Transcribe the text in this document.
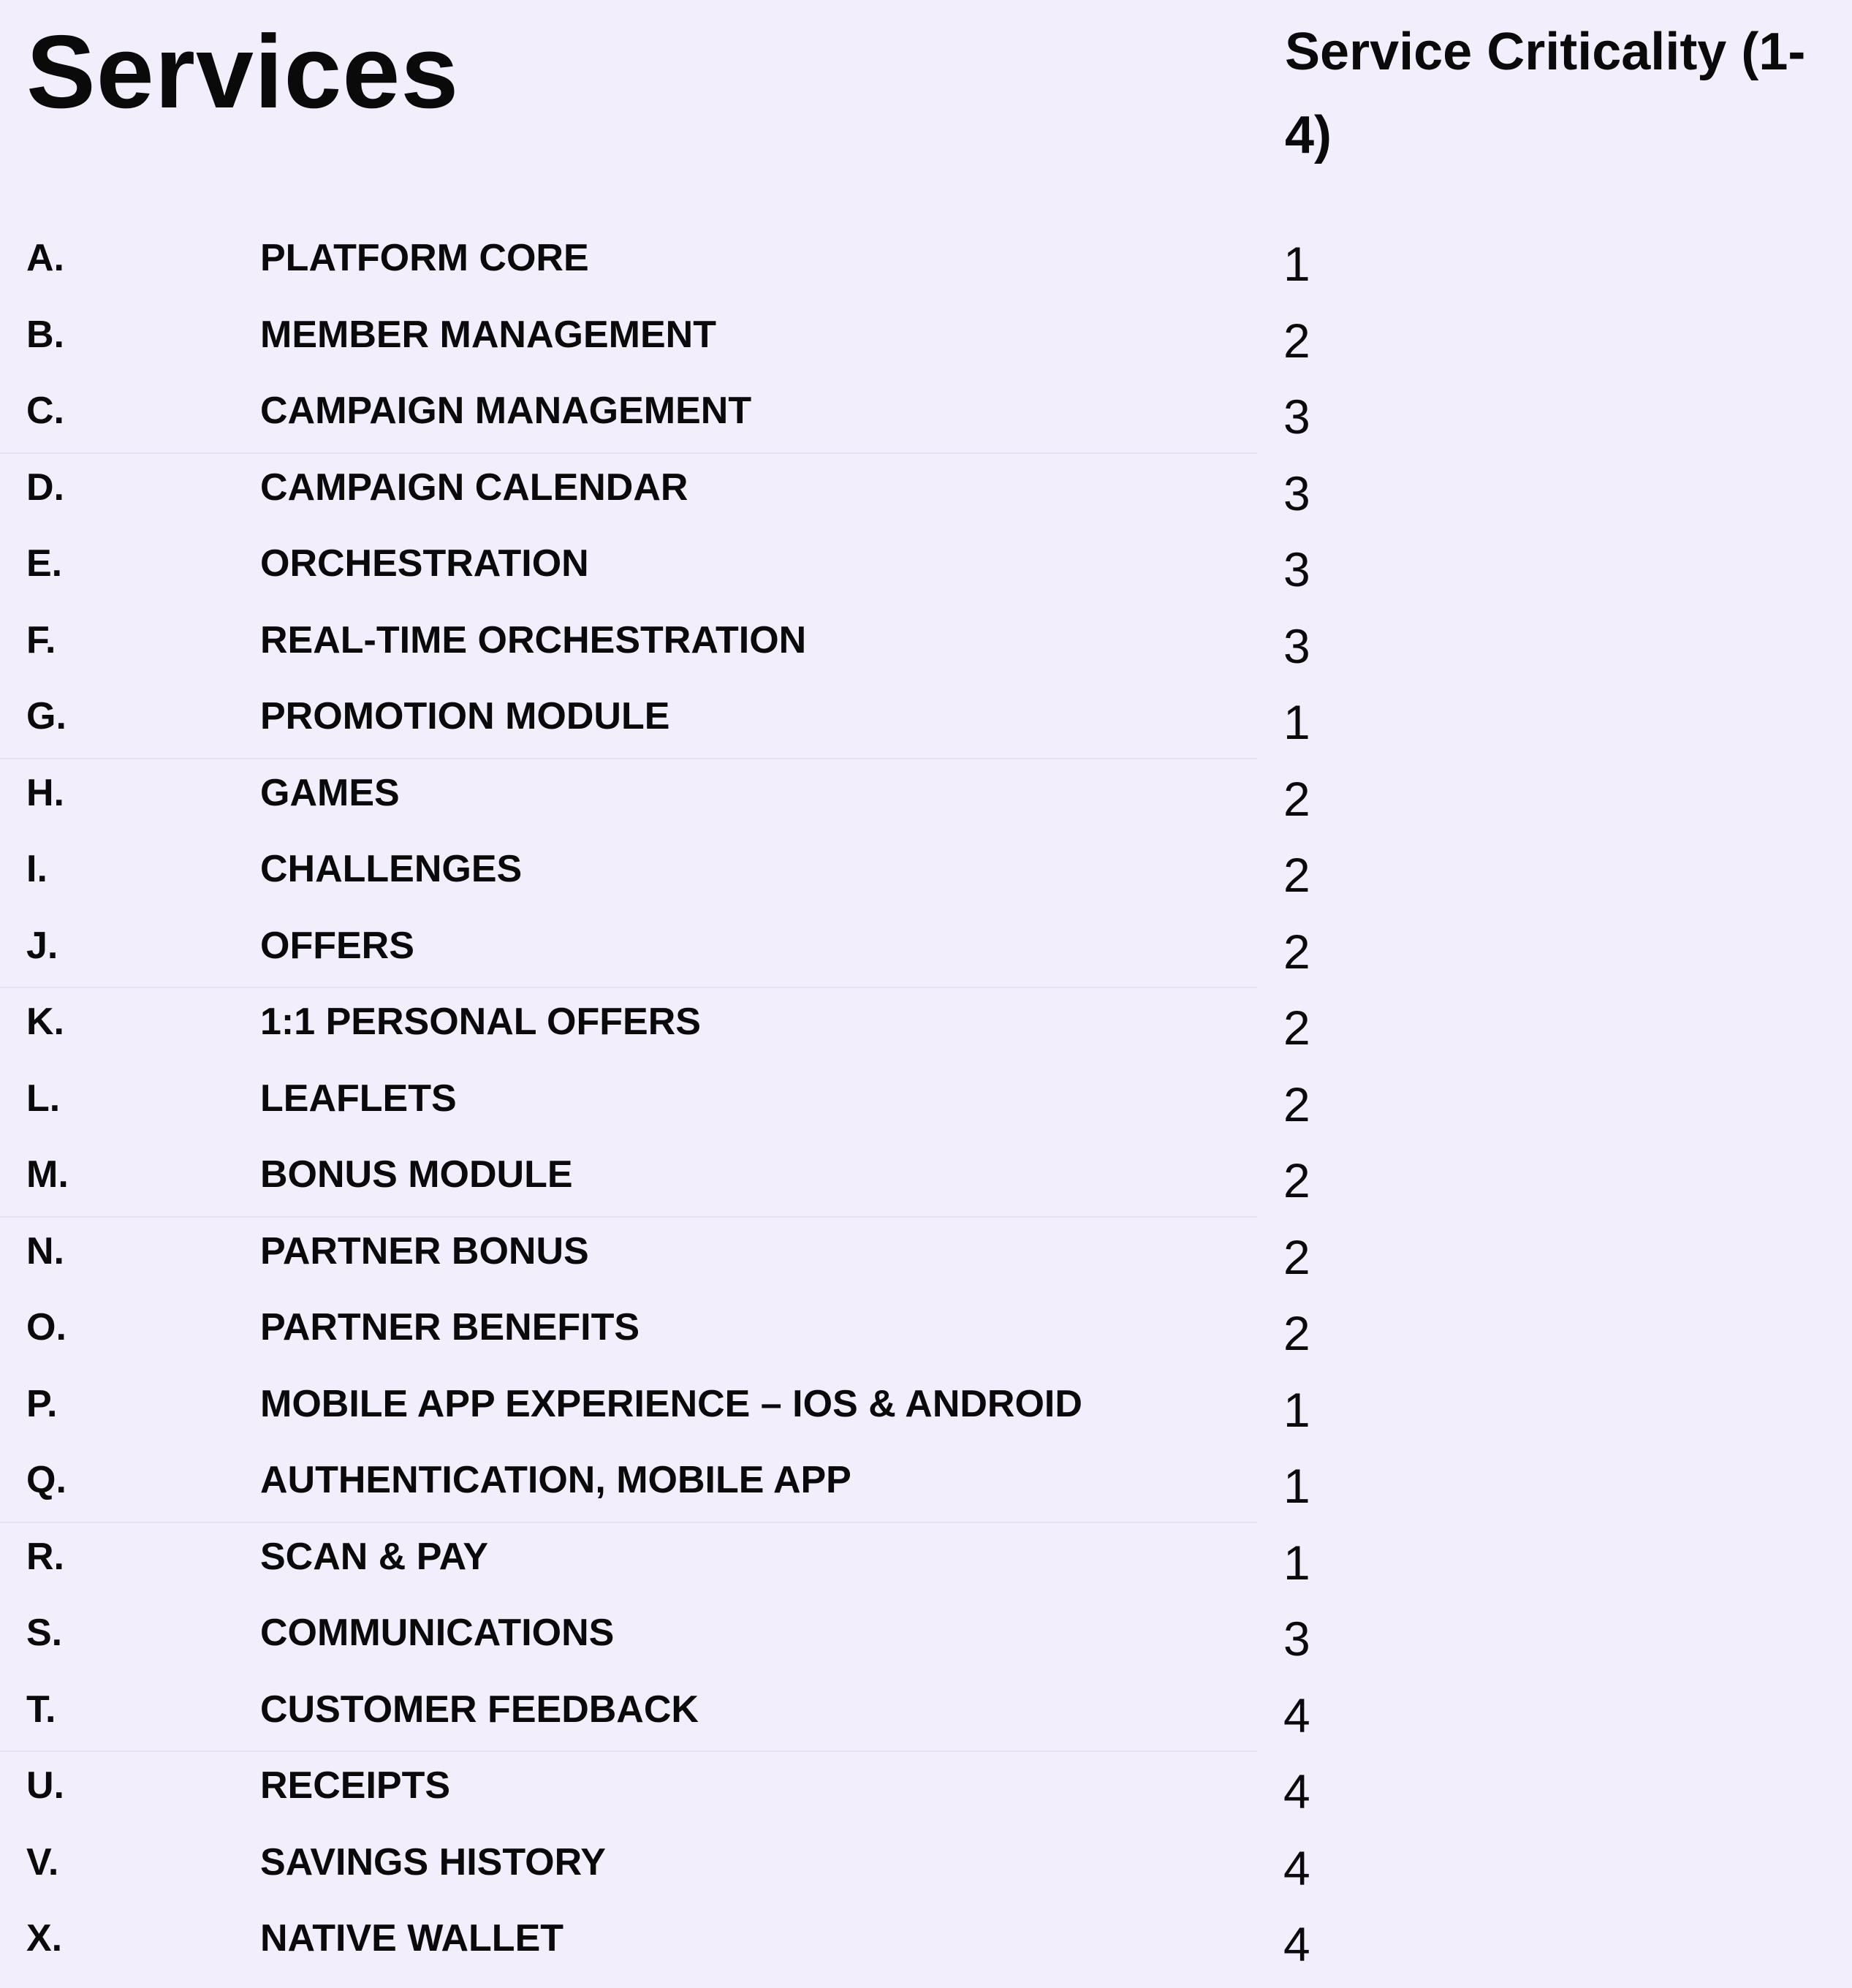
Services	Service Criticality (1-4)
A.	PLATFORM CORE	1
B.	MEMBER MANAGEMENT	2
C.	CAMPAIGN MANAGEMENT	3
D.	CAMPAIGN CALENDAR	3
E.	ORCHESTRATION	3
F.	REAL-TIME ORCHESTRATION	3
G.	PROMOTION MODULE	1
H.	GAMES	2
I.	CHALLENGES	2
J.	OFFERS	2
K.	1:1 PERSONAL OFFERS	2
L.	LEAFLETS	2
M.	BONUS MODULE	2
N.	PARTNER BONUS	2
O.	PARTNER BENEFITS	2
P.	MOBILE APP EXPERIENCE – IOS & ANDROID	1
Q.	AUTHENTICATION, MOBILE APP	1
R.	SCAN & PAY	1
S.	COMMUNICATIONS	3
T.	CUSTOMER FEEDBACK	4
U.	RECEIPTS	4
V.	SAVINGS HISTORY	4
X.	NATIVE WALLET	4
